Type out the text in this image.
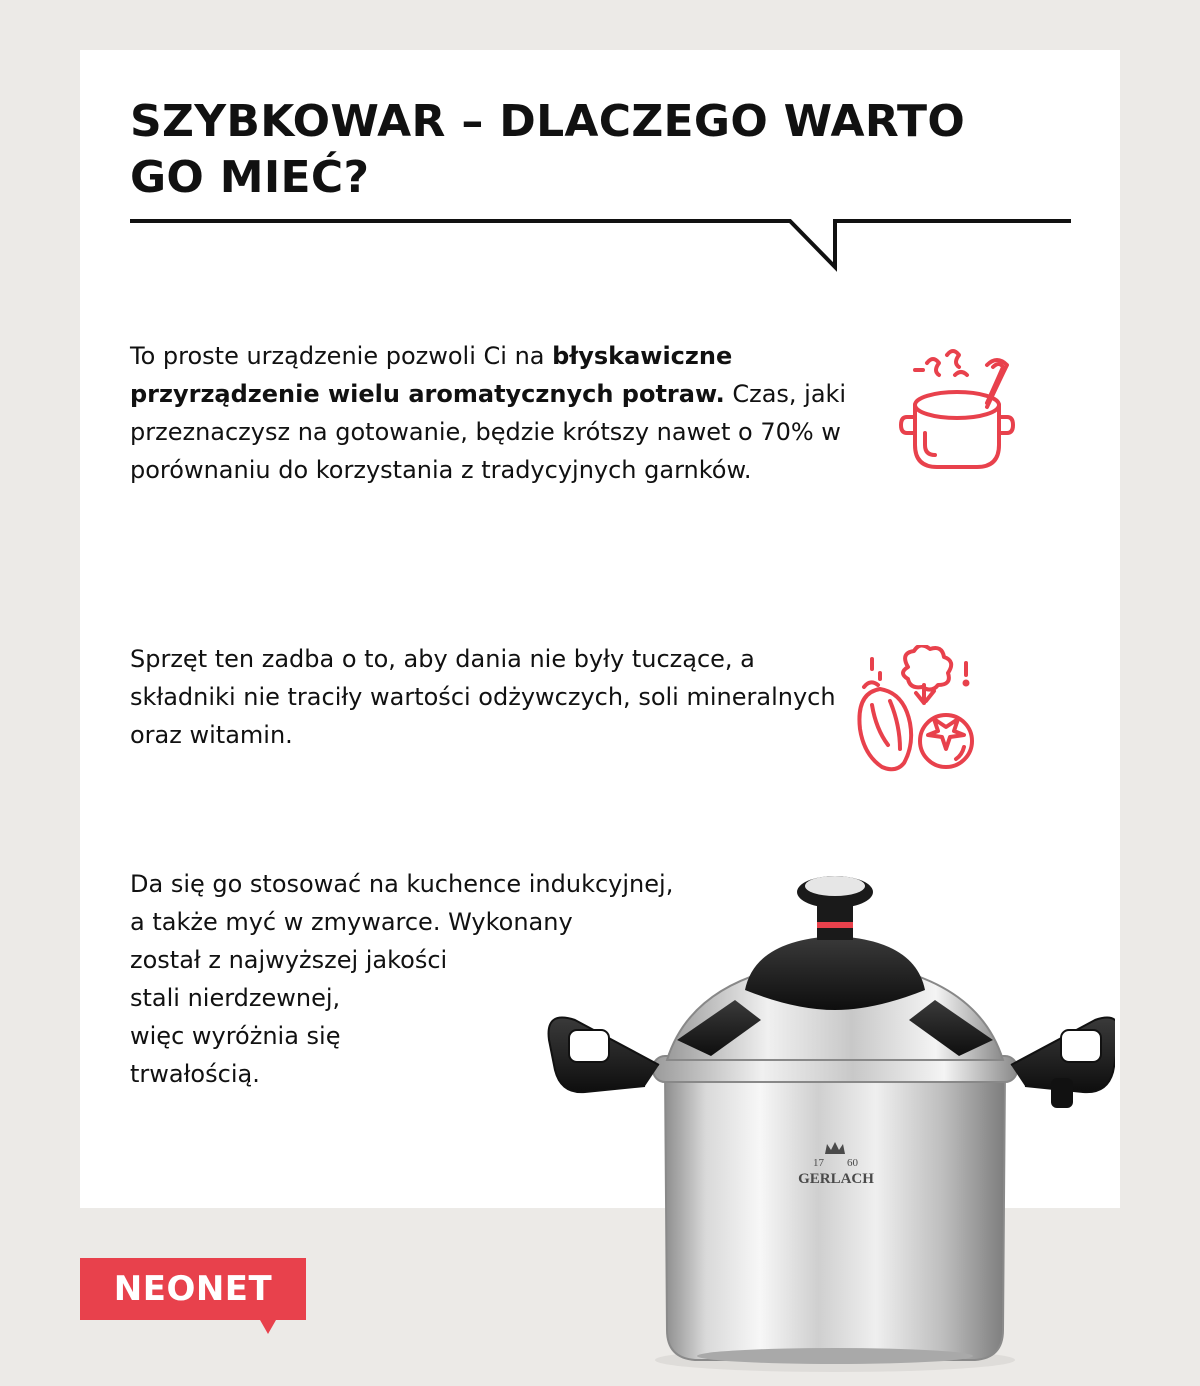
SZYBKOWAR – DLACZEGO WARTO
GO MIEĆ?

To proste urządzenie pozwoli Ci na błyskawiczne przyrządzenie wielu aromatycznych potraw. Czas, jaki przeznaczysz na gotowanie, będzie krótszy nawet o 70% w porównaniu do korzystania z tradycyjnych garnków.

Sprzęt ten zadba o to, aby dania nie były tuczące, a składniki nie traciły wartości odżywczych, soli mineralnych oraz witamin.

Da się go stosować na kuchence indukcyjnej,
a także myć w zmywarce. Wykonany
został z najwyższej jakości
stali nierdzewnej,
więc wyróżnia się
trwałością.
17 60
GERLACH
NEONET
